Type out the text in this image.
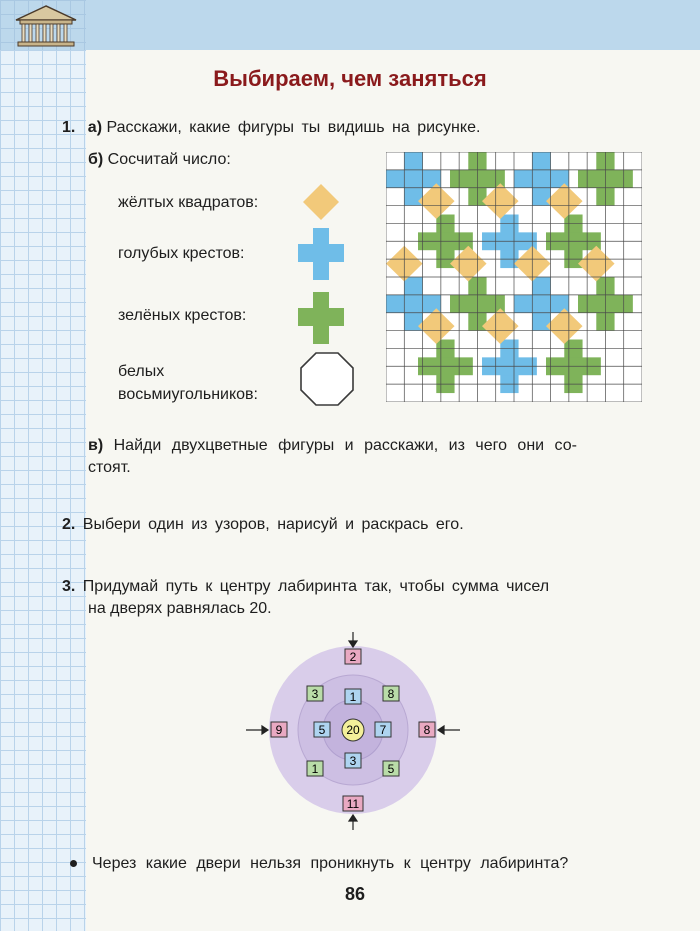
Выбираем, чем заняться
1. а) Расскажи, какие фигуры ты видишь на рисунке.
б) Сосчитай число:
жёлтых квадратов:
голубых крестов:
зелёных крестов:
белых
восьмиугольников:
в) Найди двухцветные фигуры и расскажи, из чего они со-
стоят.
2. Выбери один из узоров, нарисуй и раскрась его.
3. Придумай путь к центру лабиринта так, чтобы сумма чисел
на дверях равнялась 20.
2
9	8
11
3	8
1	5
1
5	7
3
20
Через какие двери нельзя проникнуть к центру лабиринта?
86
